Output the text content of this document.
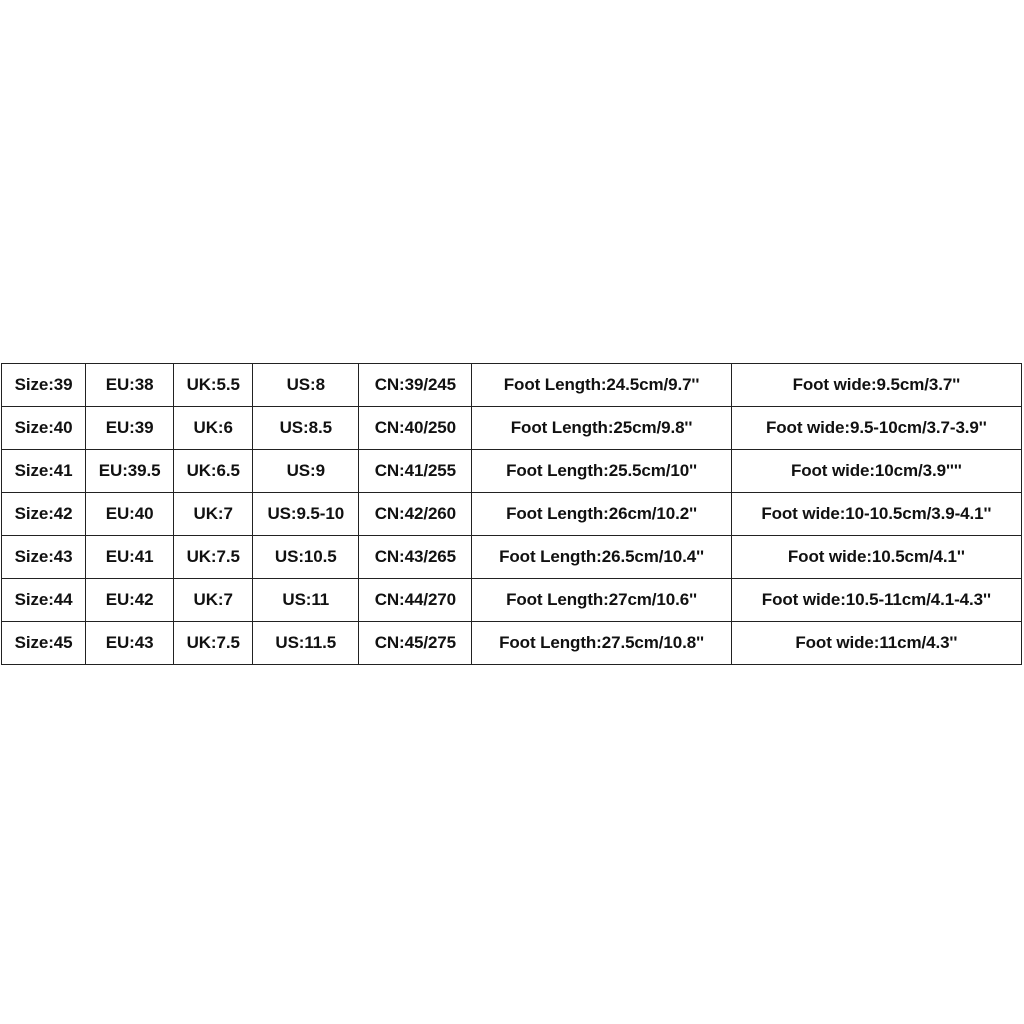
Size:39	EU:38	UK:5.5	US:8	CN:39/245	Foot Length:24.5cm/9.7''	Foot wide:9.5cm/3.7''
Size:40	EU:39	UK:6	US:8.5	CN:40/250	Foot Length:25cm/9.8''	Foot wide:9.5-10cm/3.7-3.9''
Size:41	EU:39.5	UK:6.5	US:9	CN:41/255	Foot Length:25.5cm/10''	Foot wide:10cm/3.9''''
Size:42	EU:40	UK:7	US:9.5-10	CN:42/260	Foot Length:26cm/10.2''	Foot wide:10-10.5cm/3.9-4.1''
Size:43	EU:41	UK:7.5	US:10.5	CN:43/265	Foot Length:26.5cm/10.4''	Foot wide:10.5cm/4.1''
Size:44	EU:42	UK:7	US:11	CN:44/270	Foot Length:27cm/10.6''	Foot wide:10.5-11cm/4.1-4.3''
Size:45	EU:43	UK:7.5	US:11.5	CN:45/275	Foot Length:27.5cm/10.8''	Foot wide:11cm/4.3''
